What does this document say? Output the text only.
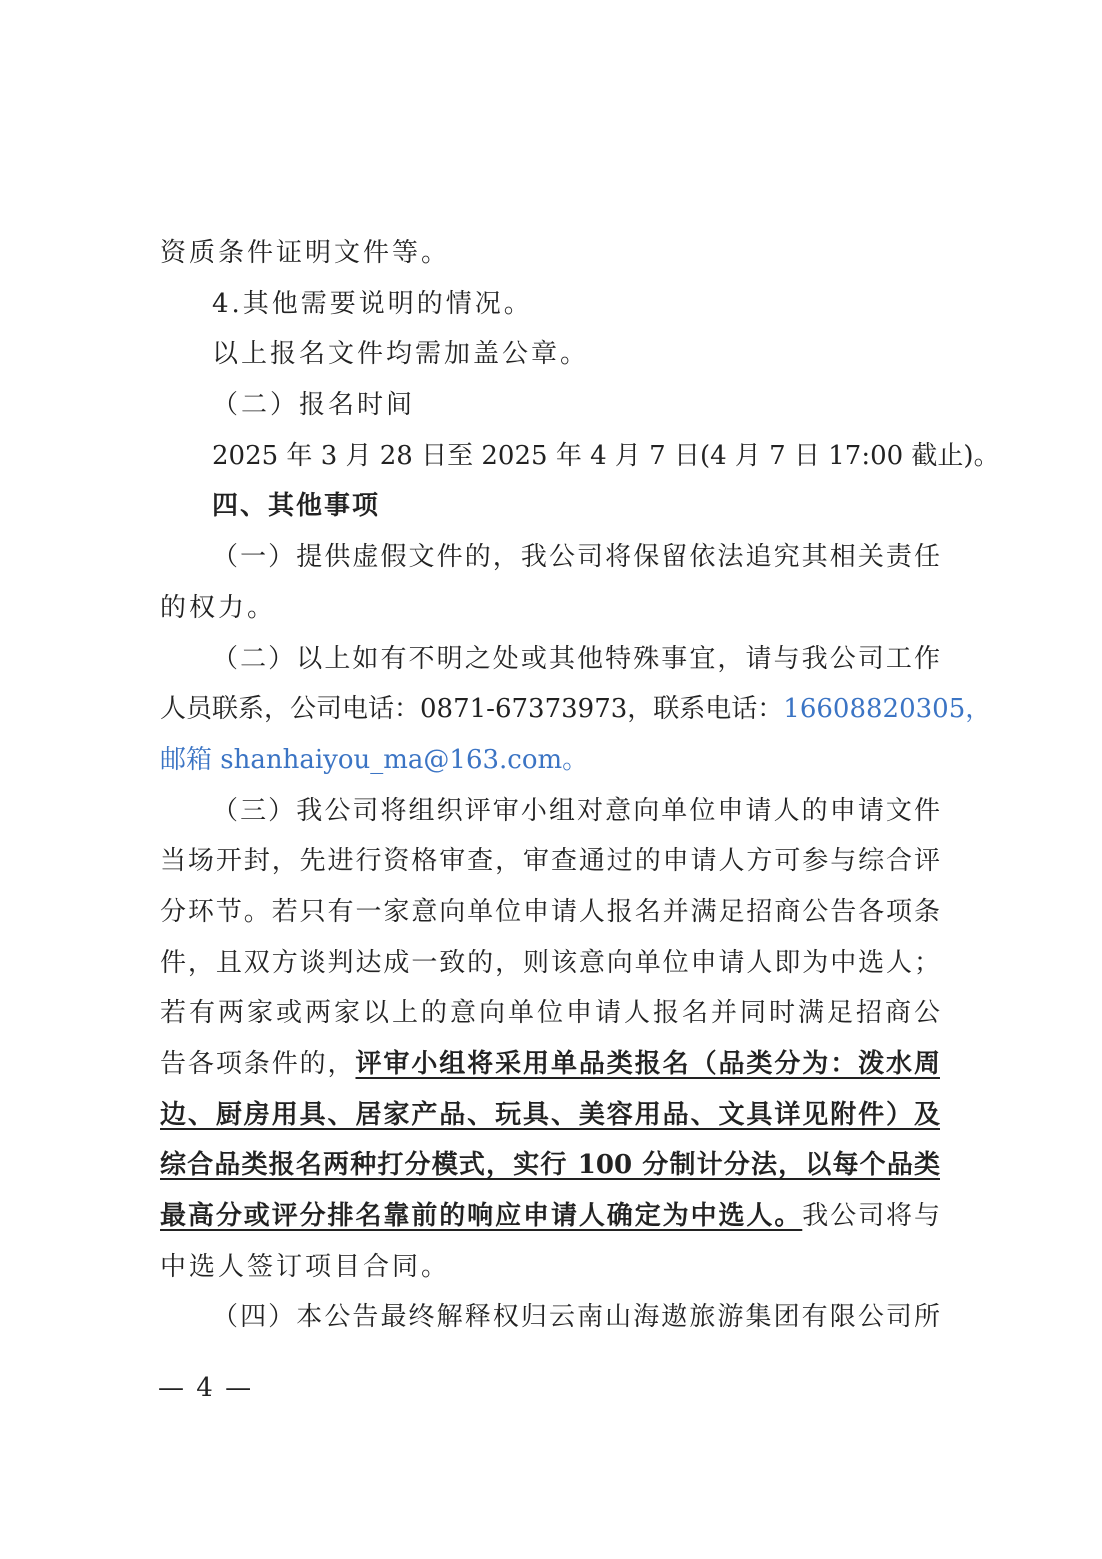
资质条件证明文件等。
4.其他需要说明的情况。
以上报名文件均需加盖公章。
（二）报名时间
2025 年 3 月 28 日至 2025 年 4 月 7 日(4 月 7 日 17:00 截止)。
四、其他事项
（一）提供虚假文件的，我公司将保留依法追究其相关责任
的权力。
（二）以上如有不明之处或其他特殊事宜，请与我公司工作
人员联系，公司电话：0871-67373973，联系电话：16608820305，
邮箱 shanhaiyou_ma@163.com。
（三）我公司将组织评审小组对意向单位申请人的申请文件
当场开封，先进行资格审查，审查通过的申请人方可参与综合评
分环节。若只有一家意向单位申请人报名并满足招商公告各项条
件，且双方谈判达成一致的，则该意向单位申请人即为中选人；
若有两家或两家以上的意向单位申请人报名并同时满足招商公
告各项条件的，评审小组将采用单品类报名（品类分为：泼水周
边、厨房用具、居家产品、玩具、美容用品、文具详见附件）及
综合品类报名两种打分模式，实行 100 分制计分法，以每个品类
最高分或评分排名靠前的响应申请人确定为中选人。我公司将与
中选人签订项目合同。
（四）本公告最终解释权归云南山海遨旅游集团有限公司所
— 4 —
